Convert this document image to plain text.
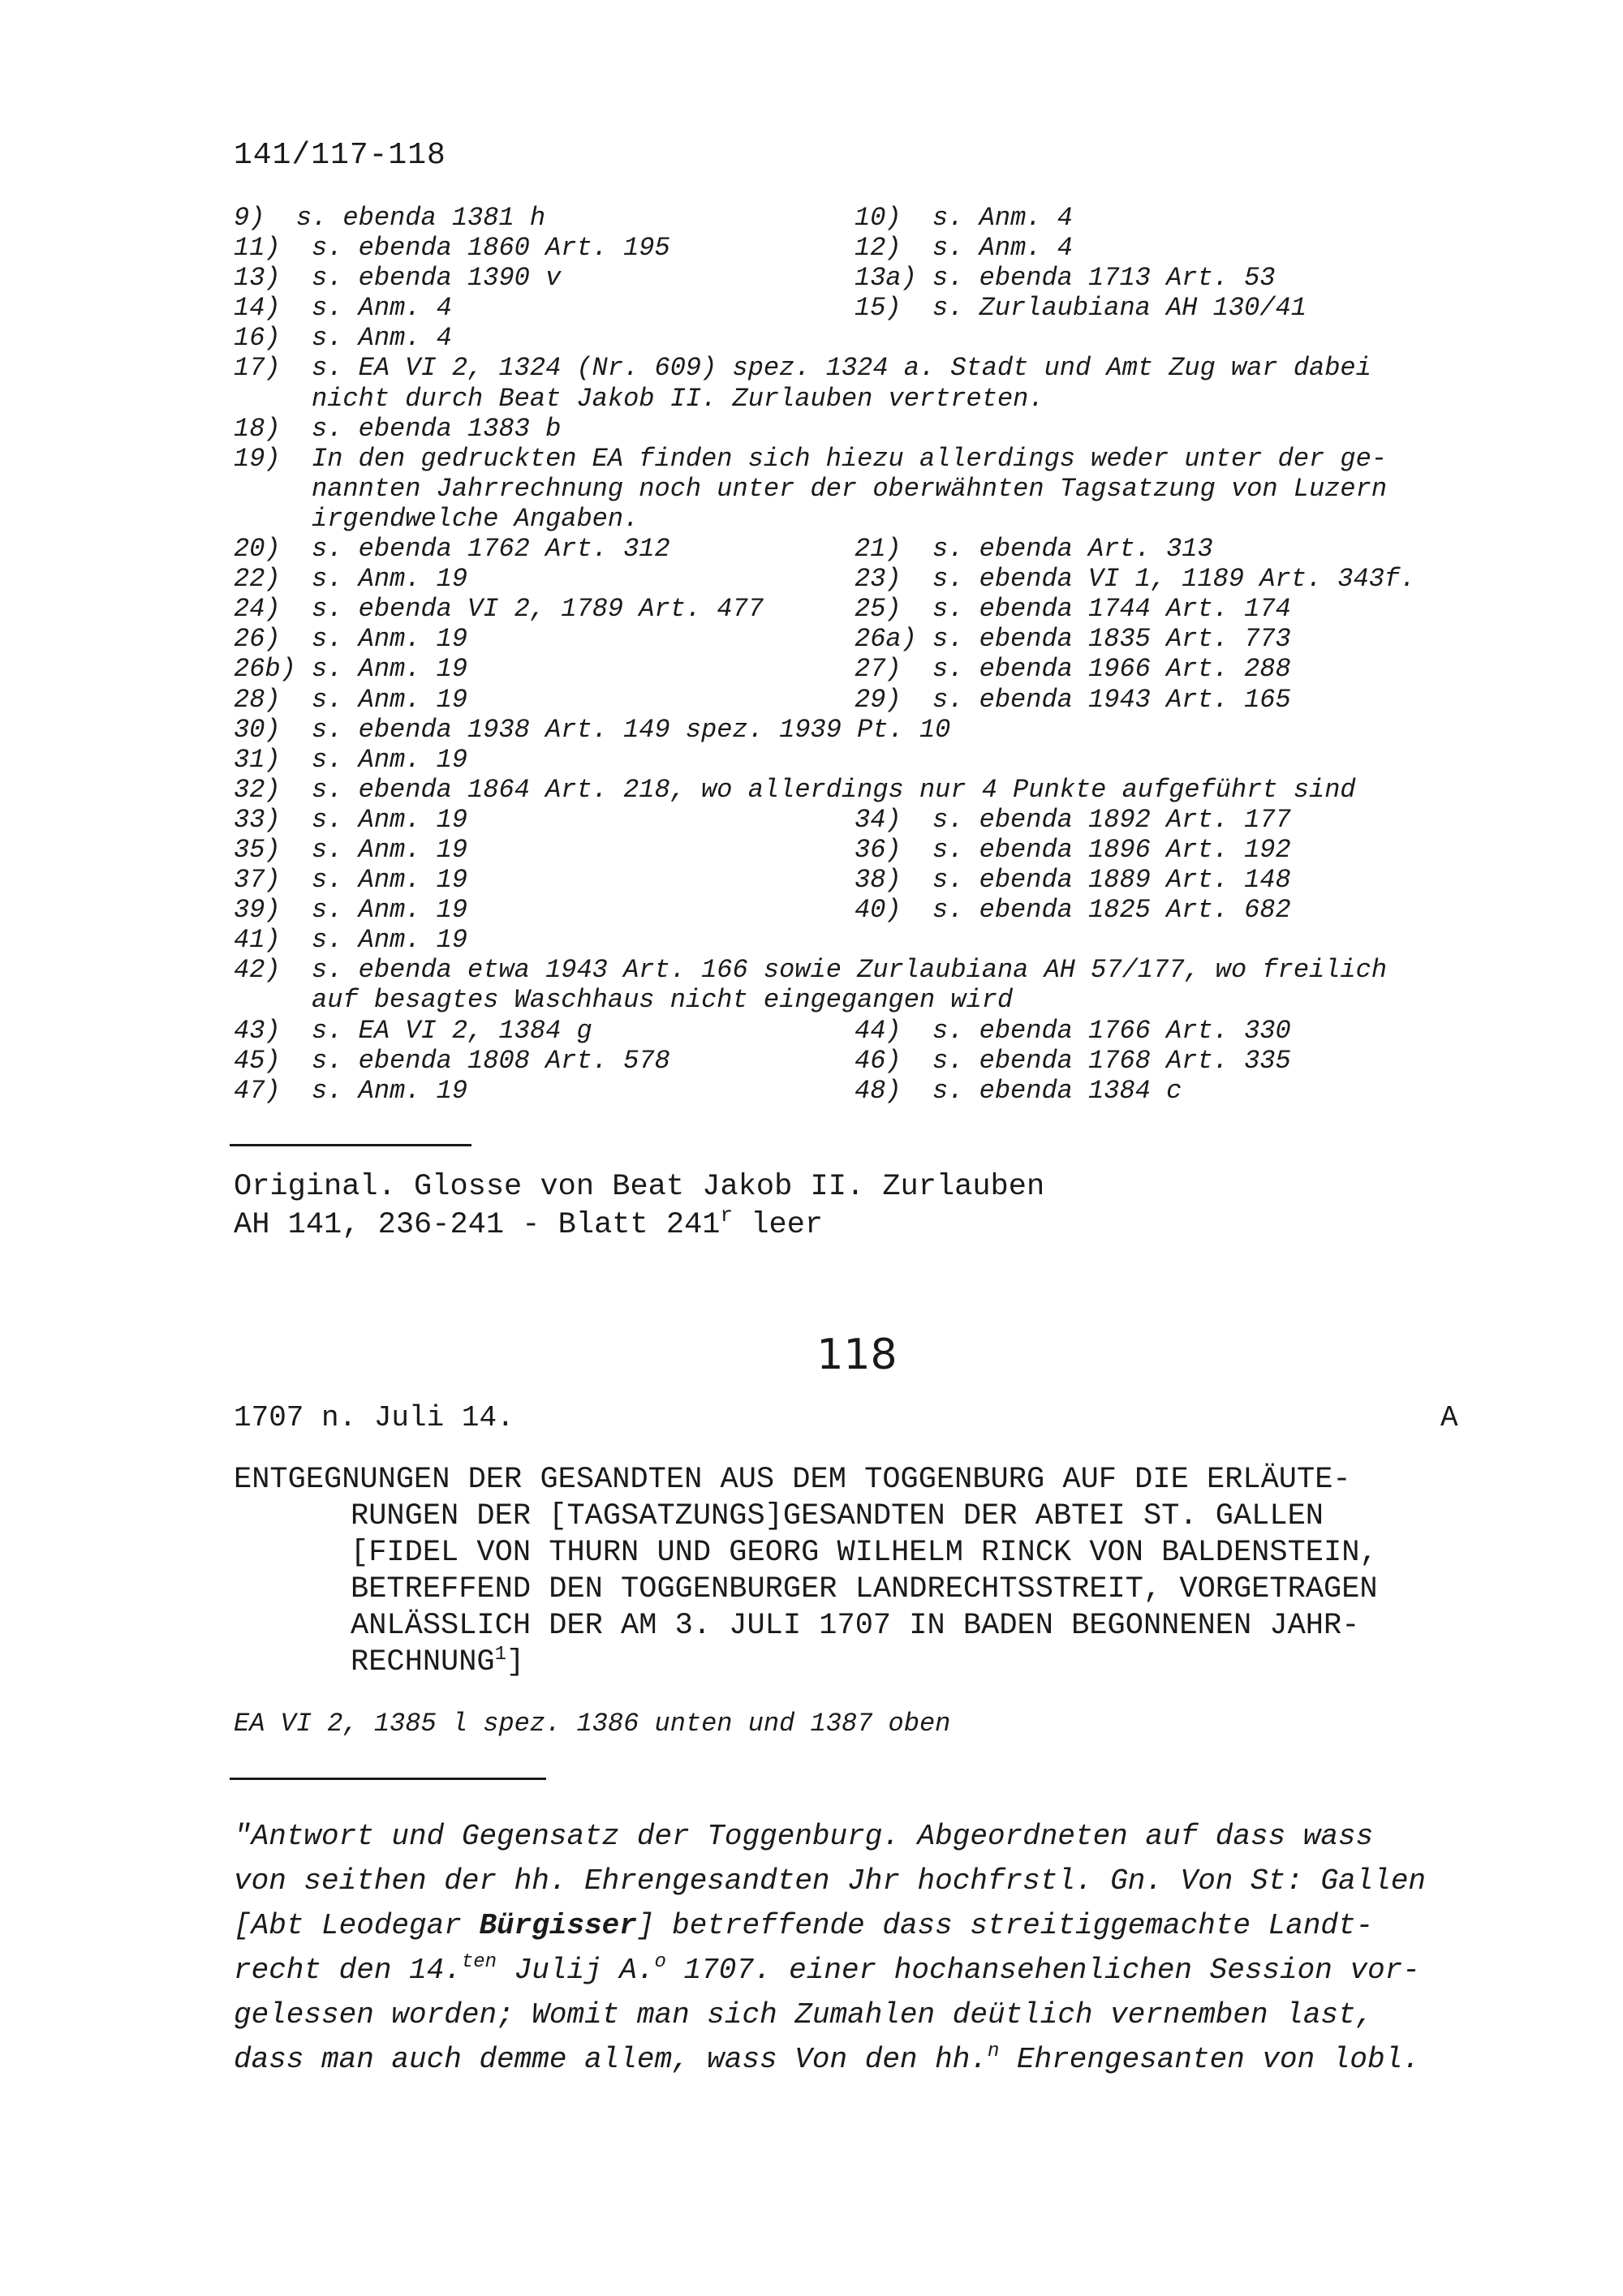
141/117-118
9)  s. ebenda 1381 h	10)  s. Anm. 4
11)  s. ebenda 1860 Art. 195	12)  s. Anm. 4
13)  s. ebenda 1390 v	13a) s. ebenda 1713 Art. 53
14)  s. Anm. 4	15)  s. Zurlaubiana AH 130/41
16)  s. Anm. 4
17)  s. EA VI 2, 1324 (Nr. 609) spez. 1324 a. Stadt und Amt Zug war dabei
nicht durch Beat Jakob II. Zurlauben vertreten.
18)  s. ebenda 1383 b
19)  In den gedruckten EA finden sich hiezu allerdings weder unter der ge-
nannten Jahrrechnung noch unter der oberwähnten Tagsatzung von Luzern
irgendwelche Angaben.
20)  s. ebenda 1762 Art. 312	21)  s. ebenda Art. 313
22)  s. Anm. 19	23)  s. ebenda VI 1, 1189 Art. 343f.
24)  s. ebenda VI 2, 1789 Art. 477	25)  s. ebenda 1744 Art. 174
26)  s. Anm. 19	26a) s. ebenda 1835 Art. 773
26b) s. Anm. 19	27)  s. ebenda 1966 Art. 288
28)  s. Anm. 19	29)  s. ebenda 1943 Art. 165
30)  s. ebenda 1938 Art. 149 spez. 1939 Pt. 10
31)  s. Anm. 19
32)  s. ebenda 1864 Art. 218, wo allerdings nur 4 Punkte aufgeführt sind
33)  s. Anm. 19	34)  s. ebenda 1892 Art. 177
35)  s. Anm. 19	36)  s. ebenda 1896 Art. 192
37)  s. Anm. 19	38)  s. ebenda 1889 Art. 148
39)  s. Anm. 19	40)  s. ebenda 1825 Art. 682
41)  s. Anm. 19
42)  s. ebenda etwa 1943 Art. 166 sowie Zurlaubiana AH 57/177, wo freilich
auf besagtes Waschhaus nicht eingegangen wird
43)  s. EA VI 2, 1384 g	44)  s. ebenda 1766 Art. 330
45)  s. ebenda 1808 Art. 578	46)  s. ebenda 1768 Art. 335
47)  s. Anm. 19	48)  s. ebenda 1384 c
Original. Glosse von Beat Jakob II. Zurlauben
AH 141, 236-241 - Blatt 241$^r$ leer
118
1707 n. Juli 14.	A
ENTGEGNUNGEN DER GESANDTEN AUS DEM TOGGENBURG AUF DIE ERLÄUTE-
RUNGEN DER [TAGSATZUNGS]GESANDTEN DER ABTEI ST. GALLEN
[FIDEL VON THURN UND GEORG WILHELM RINCK VON BALDENSTEIN,
BETREFFEND DEN TOGGENBURGER LANDRECHTSSTREIT, VORGETRAGEN
ANLÄSSLICH DER AM 3. JULI 1707 IN BADEN BEGONNENEN JAHR-
RECHNUNG$^1$]
EA VI 2, 1385 l spez. 1386 unten und 1387 oben
"Antwort und Gegensatz der Toggenburg. Abgeordneten auf dass wass
von seithen der hh. Ehrengesandten Jhr hochfrstl. Gn. Von St: Gallen
[Abt Leodegar Bürgisser] betreffende dass streitiggemachte Landt-
recht den 14.$^{ten}$ Julij A.$^o$ 1707. einer hochansehenlichen Session vor-
gelessen worden; Womit man sich Zumahlen deütlich vernemben last,
dass man auch demme allem, wass Von den hh.$^n$ Ehrengesanten von lobl.
